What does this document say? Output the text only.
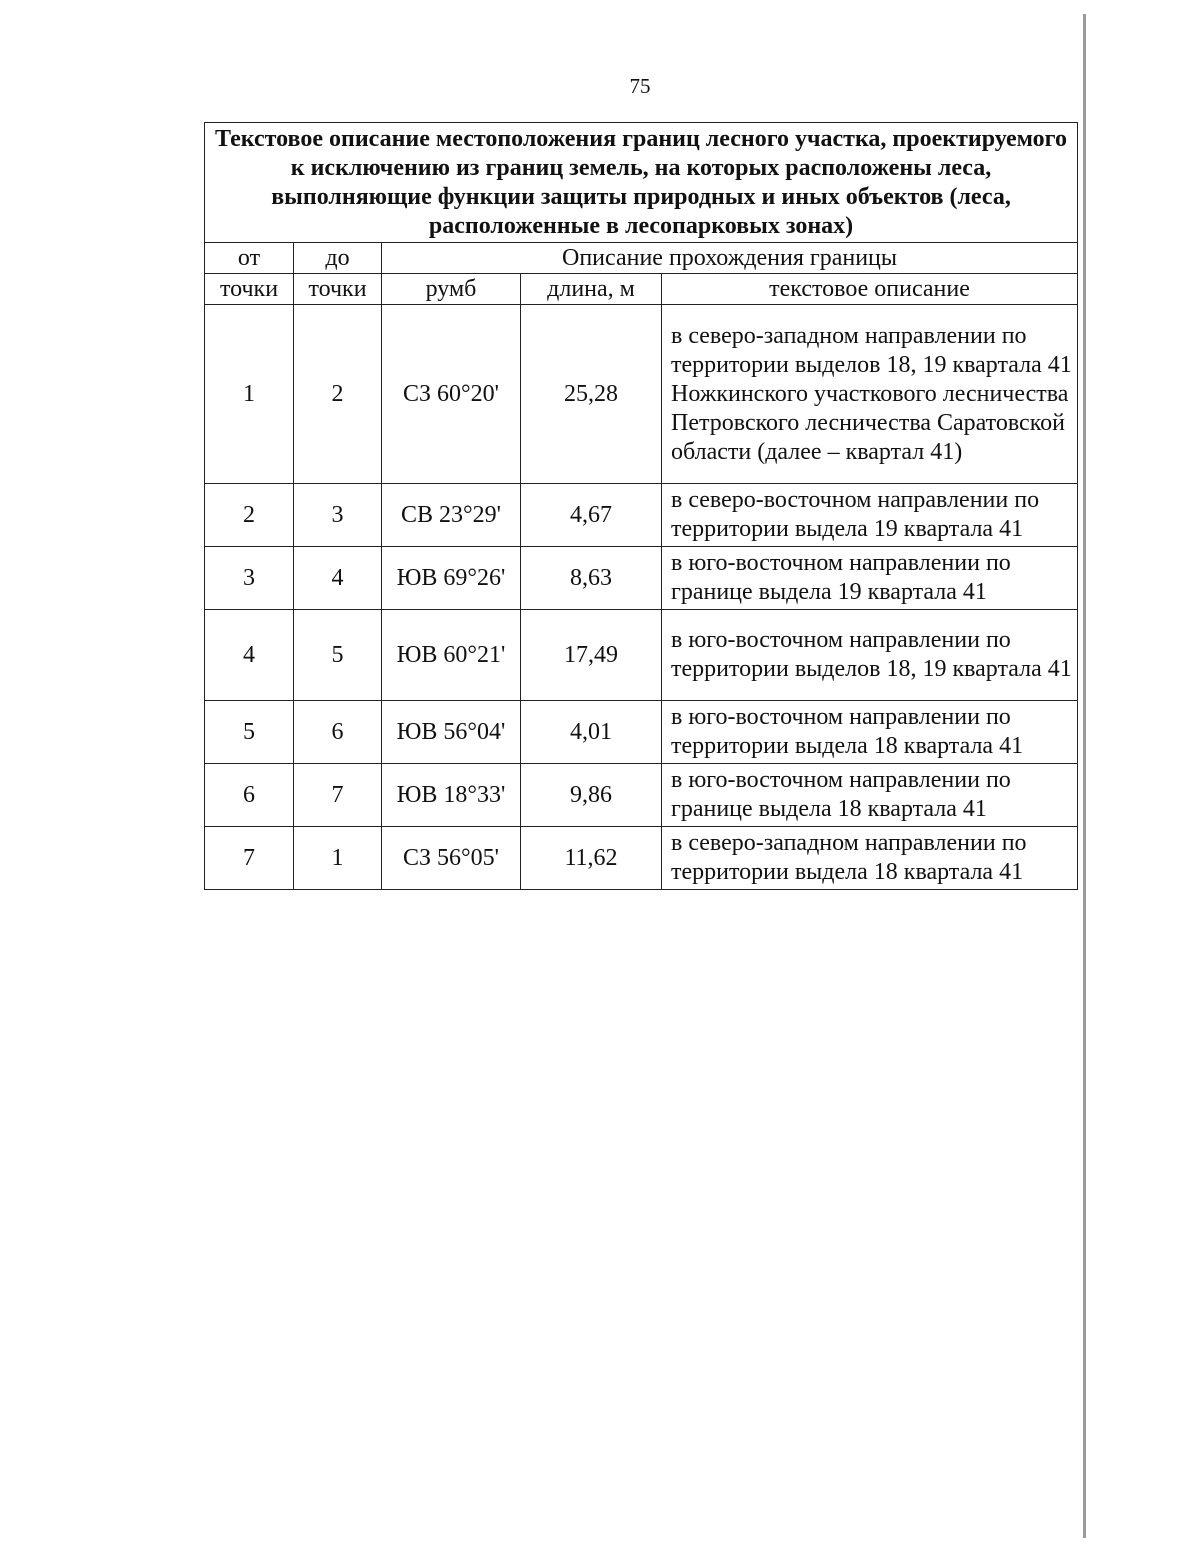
75
Текстовое описание местоположения границ лесного участка, проектируемого к исключению из границ земель, на которых расположены леса, выполняющие функции защиты природных и иных объектов (леса, расположенные в лесопарковых зонах)				
от	до	Описание прохождения границы		
точки	точки	румб	длина, м	текстовое описание
1	2	СЗ 60°20'	25,28	в северо-западном направлении по территории выделов 18, 19 квартала 41 Ножкинского участкового лесничества Петровского лесничества Саратовской области (далее – квартал 41)
2	3	СВ 23°29'	4,67	в северо-восточном направлении по территории выдела 19 квартала 41
3	4	ЮВ 69°26'	8,63	в юго-восточном направлении по границе выдела 19 квартала 41
4	5	ЮВ 60°21'	17,49	в юго-восточном направлении по территории выделов 18, 19 квартала 41
5	6	ЮВ 56°04'	4,01	в юго-восточном направлении по территории выдела 18 квартала 41
6	7	ЮВ 18°33'	9,86	в юго-восточном направлении по границе выдела 18 квартала 41
7	1	СЗ 56°05'	11,62	в северо-западном направлении по территории выдела 18 квартала 41
